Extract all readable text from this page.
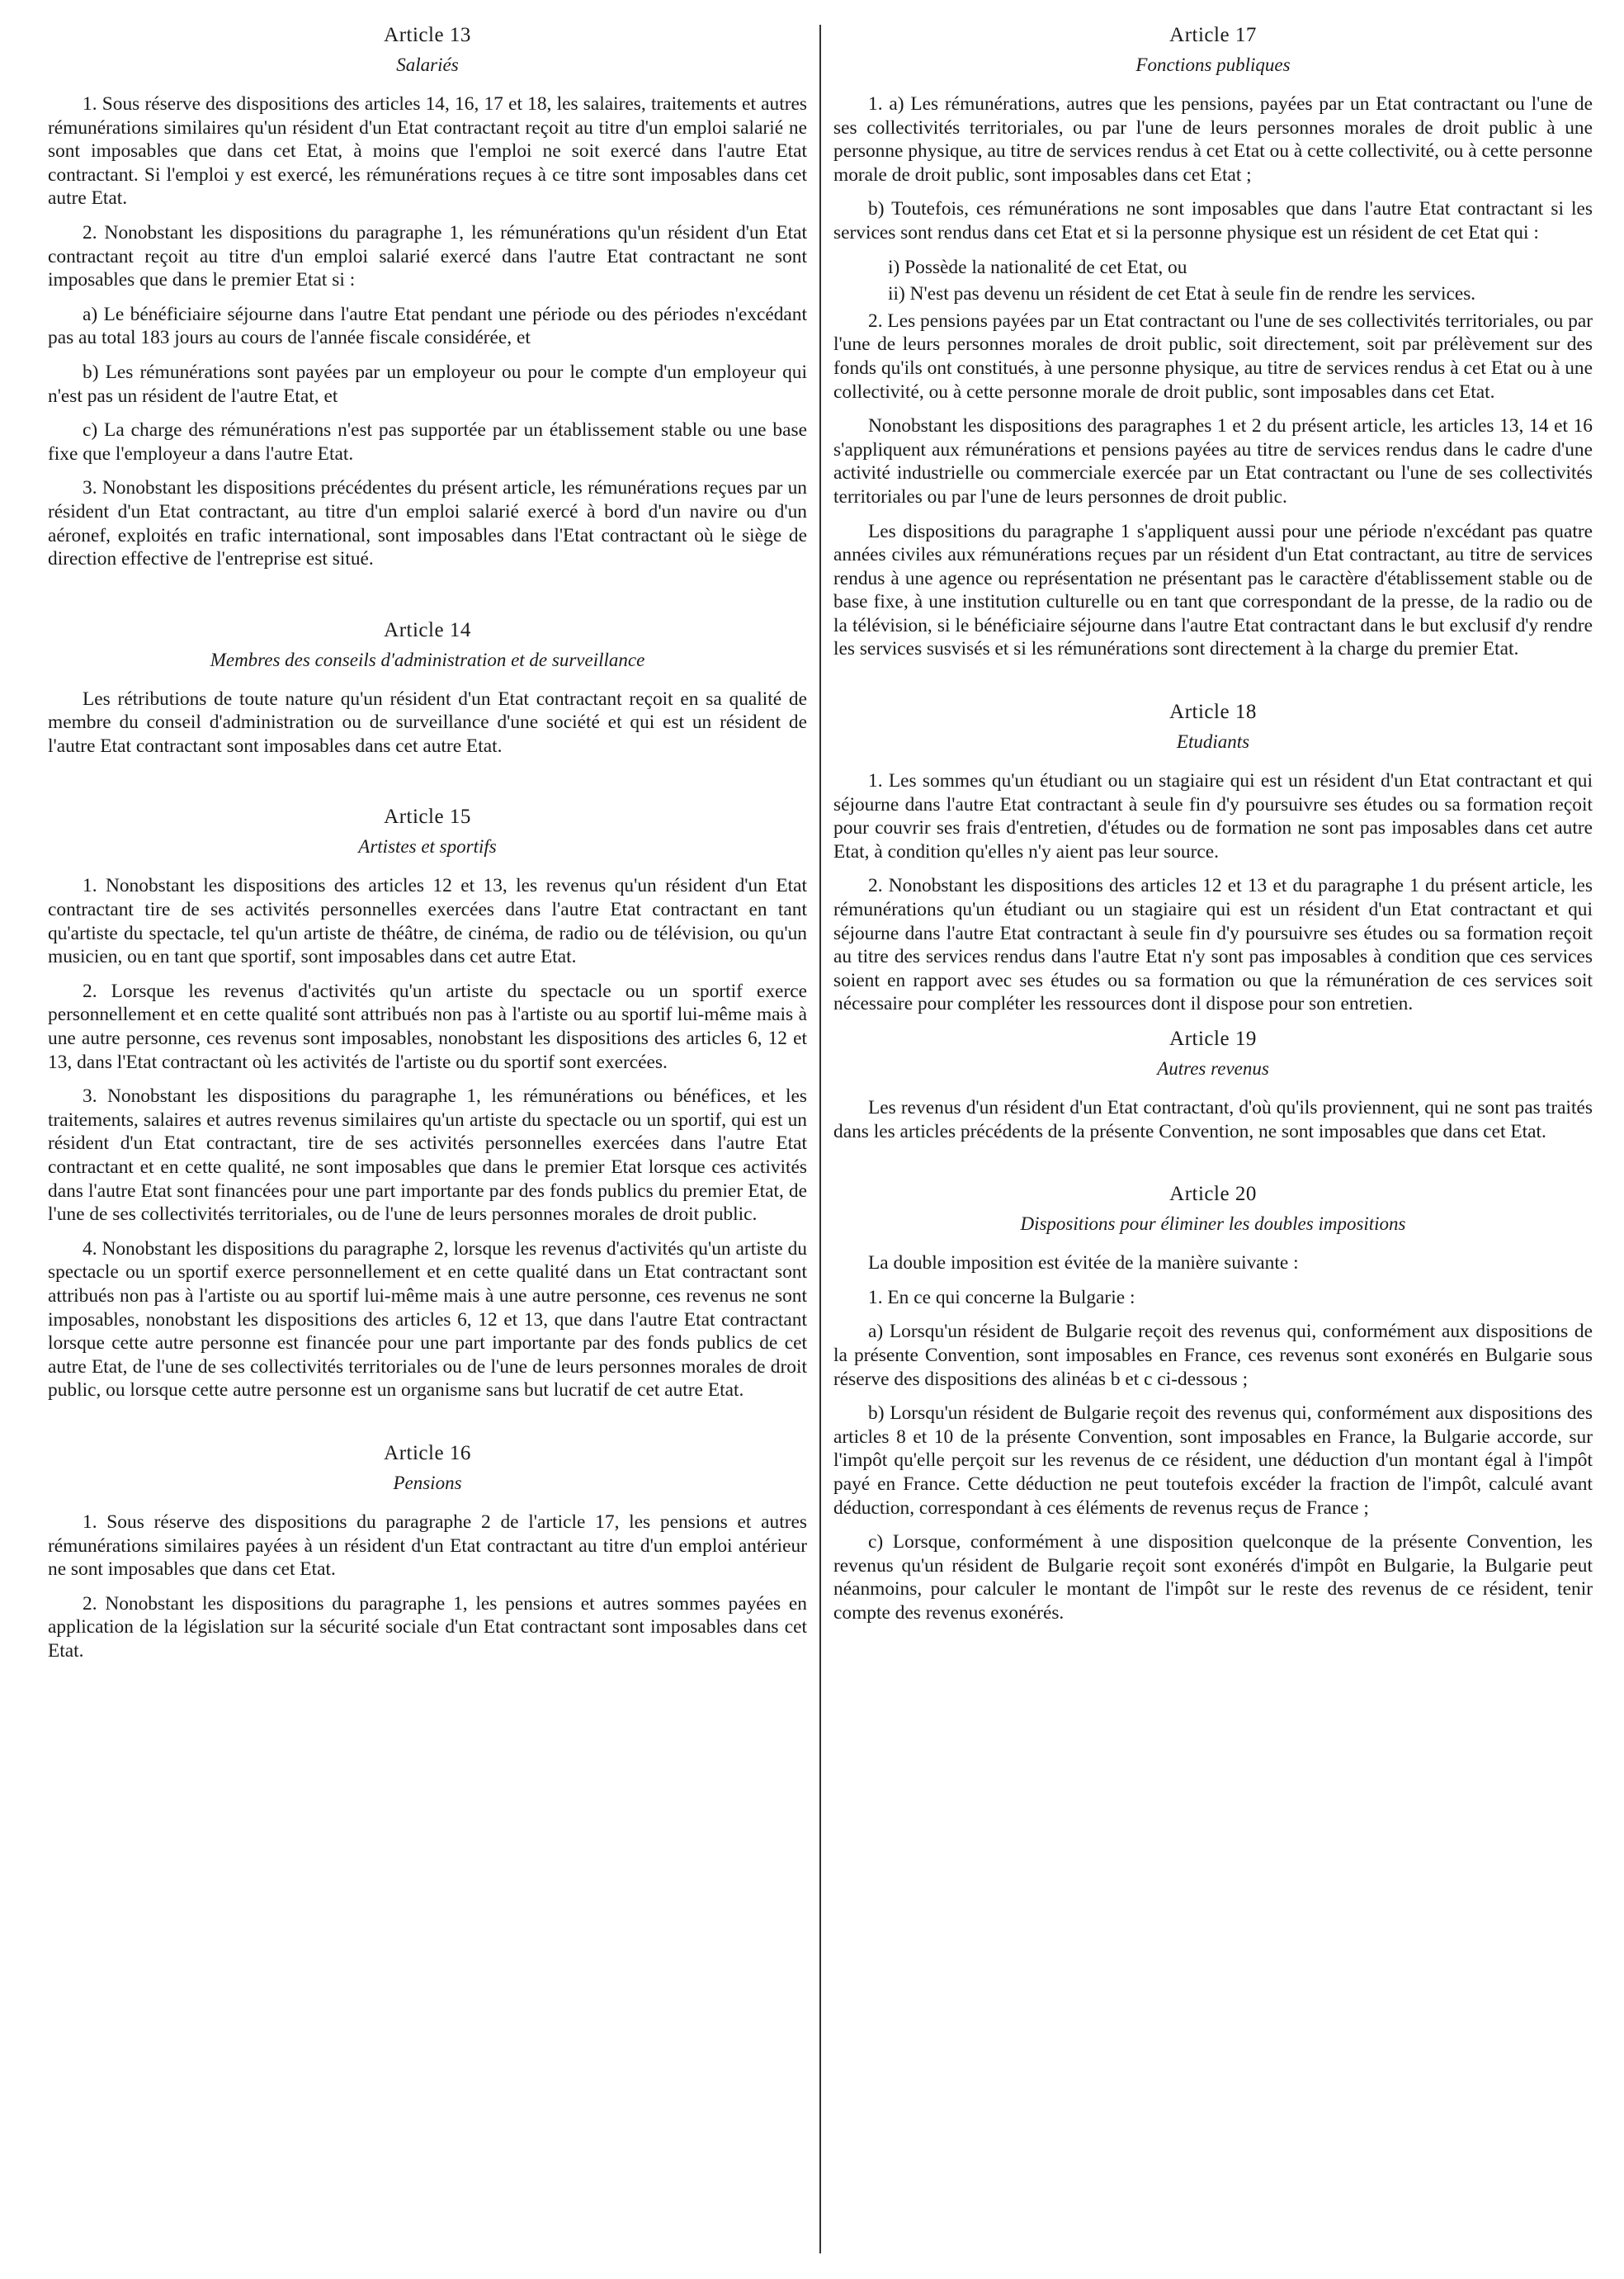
Article 13
Salariés

1. Sous réserve des dispositions des articles 14, 16, 17 et 18, les salaires, traitements et autres rémunérations similaires qu'un résident d'un Etat contractant reçoit au titre d'un emploi salarié ne sont imposables que dans cet Etat, à moins que l'emploi ne soit exercé dans l'autre Etat contractant. Si l'emploi y est exercé, les rémunérations reçues à ce titre sont imposables dans cet autre Etat.

2. Nonobstant les dispositions du paragraphe 1, les rémunérations qu'un résident d'un Etat contractant reçoit au titre d'un emploi salarié exercé dans l'autre Etat contractant ne sont imposables que dans le premier Etat si :

a) Le bénéficiaire séjourne dans l'autre Etat pendant une période ou des périodes n'excédant pas au total 183 jours au cours de l'année fiscale considérée, et

b) Les rémunérations sont payées par un employeur ou pour le compte d'un employeur qui n'est pas un résident de l'autre Etat, et

c) La charge des rémunérations n'est pas supportée par un établissement stable ou une base fixe que l'employeur a dans l'autre Etat.

3. Nonobstant les dispositions précédentes du présent article, les rémunérations reçues par un résident d'un Etat contractant, au titre d'un emploi salarié exercé à bord d'un navire ou d'un aéronef, exploités en trafic international, sont imposables dans l'Etat contractant où le siège de direction effective de l'entreprise est situé.

Article 14
Membres des conseils d'administration et de surveillance

Les rétributions de toute nature qu'un résident d'un Etat contractant reçoit en sa qualité de membre du conseil d'administration ou de surveillance d'une société et qui est un résident de l'autre Etat contractant sont imposables dans cet autre Etat.

Article 15
Artistes et sportifs

1. Nonobstant les dispositions des articles 12 et 13, les revenus qu'un résident d'un Etat contractant tire de ses activités personnelles exercées dans l'autre Etat contractant en tant qu'artiste du spectacle, tel qu'un artiste de théâtre, de cinéma, de radio ou de télévision, ou qu'un musicien, ou en tant que sportif, sont imposables dans cet autre Etat.

2. Lorsque les revenus d'activités qu'un artiste du spectacle ou un sportif exerce personnellement et en cette qualité sont attribués non pas à l'artiste ou au sportif lui-même mais à une autre personne, ces revenus sont imposables, nonobstant les dispositions des articles 6, 12 et 13, dans l'Etat contractant où les activités de l'artiste ou du sportif sont exercées.

3. Nonobstant les dispositions du paragraphe 1, les rémunérations ou bénéfices, et les traitements, salaires et autres revenus similaires qu'un artiste du spectacle ou un sportif, qui est un résident d'un Etat contractant, tire de ses activités personnelles exercées dans l'autre Etat contractant et en cette qualité, ne sont imposables que dans le premier Etat lorsque ces activités dans l'autre Etat sont financées pour une part importante par des fonds publics du premier Etat, de l'une de ses collectivités territoriales, ou de l'une de leurs personnes morales de droit public.

4. Nonobstant les dispositions du paragraphe 2, lorsque les revenus d'activités qu'un artiste du spectacle ou un sportif exerce personnellement et en cette qualité dans un Etat contractant sont attribués non pas à l'artiste ou au sportif lui-même mais à une autre personne, ces revenus ne sont imposables, nonobstant les dispositions des articles 6, 12 et 13, que dans l'autre Etat contractant lorsque cette autre personne est financée pour une part importante par des fonds publics de cet autre Etat, de l'une de ses collectivités territoriales ou de l'une de leurs personnes morales de droit public, ou lorsque cette autre personne est un organisme sans but lucratif de cet autre Etat.

Article 16
Pensions

1. Sous réserve des dispositions du paragraphe 2 de l'article 17, les pensions et autres rémunérations similaires payées à un résident d'un Etat contractant au titre d'un emploi antérieur ne sont imposables que dans cet Etat.

2. Nonobstant les dispositions du paragraphe 1, les pensions et autres sommes payées en application de la législation sur la sécurité sociale d'un Etat contractant sont imposables dans cet Etat.

Article 17
Fonctions publiques

1. a) Les rémunérations, autres que les pensions, payées par un Etat contractant ou l'une de ses collectivités territoriales, ou par l'une de leurs personnes morales de droit public à une personne physique, au titre de services rendus à cet Etat ou à cette collectivité, ou à cette personne morale de droit public, sont imposables dans cet Etat ;

b) Toutefois, ces rémunérations ne sont imposables que dans l'autre Etat contractant si les services sont rendus dans cet Etat et si la personne physique est un résident de cet Etat qui :

i) Possède la nationalité de cet Etat, ou

ii) N'est pas devenu un résident de cet Etat à seule fin de rendre les services.

2. Les pensions payées par un Etat contractant ou l'une de ses collectivités territoriales, ou par l'une de leurs personnes morales de droit public, soit directement, soit par prélèvement sur des fonds qu'ils ont constitués, à une personne physique, au titre de services rendus à cet Etat ou à une collectivité, ou à cette personne morale de droit public, sont imposables dans cet Etat.

Nonobstant les dispositions des paragraphes 1 et 2 du présent article, les articles 13, 14 et 16 s'appliquent aux rémunérations et pensions payées au titre de services rendus dans le cadre d'une activité industrielle ou commerciale exercée par un Etat contractant ou l'une de ses collectivités territoriales ou par l'une de leurs personnes de droit public.

Les dispositions du paragraphe 1 s'appliquent aussi pour une période n'excédant pas quatre années civiles aux rémunérations reçues par un résident d'un Etat contractant, au titre de services rendus à une agence ou représentation ne présentant pas le caractère d'établissement stable ou de base fixe, à une institution culturelle ou en tant que correspondant de la presse, de la radio ou de la télévision, si le bénéficiaire séjourne dans l'autre Etat contractant dans le but exclusif d'y rendre les services susvisés et si les rémunérations sont directement à la charge du premier Etat.

Article 18
Etudiants

1. Les sommes qu'un étudiant ou un stagiaire qui est un résident d'un Etat contractant et qui séjourne dans l'autre Etat contractant à seule fin d'y poursuivre ses études ou sa formation reçoit pour couvrir ses frais d'entretien, d'études ou de formation ne sont pas imposables dans cet autre Etat, à condition qu'elles n'y aient pas leur source.

2. Nonobstant les dispositions des articles 12 et 13 et du paragraphe 1 du présent article, les rémunérations qu'un étudiant ou un stagiaire qui est un résident d'un Etat contractant et qui séjourne dans l'autre Etat contractant à seule fin d'y poursuivre ses études ou sa formation reçoit au titre des services rendus dans l'autre Etat n'y sont pas imposables à condition que ces services soient en rapport avec ses études ou sa formation ou que la rémunération de ces services soit nécessaire pour compléter les ressources dont il dispose pour son entretien.

Article 19
Autres revenus

Les revenus d'un résident d'un Etat contractant, d'où qu'ils proviennent, qui ne sont pas traités dans les articles précédents de la présente Convention, ne sont imposables que dans cet Etat.

Article 20
Dispositions pour éliminer les doubles impositions

La double imposition est évitée de la manière suivante :

1. En ce qui concerne la Bulgarie :

a) Lorsqu'un résident de Bulgarie reçoit des revenus qui, conformément aux dispositions de la présente Convention, sont imposables en France, ces revenus sont exonérés en Bulgarie sous réserve des dispositions des alinéas b et c ci-dessous ;

b) Lorsqu'un résident de Bulgarie reçoit des revenus qui, conformément aux dispositions des articles 8 et 10 de la présente Convention, sont imposables en France, la Bulgarie accorde, sur l'impôt qu'elle perçoit sur les revenus de ce résident, une déduction d'un montant égal à l'impôt payé en France. Cette déduction ne peut toutefois excéder la fraction de l'impôt, calculé avant déduction, correspondant à ces éléments de revenus reçus de France ;

c) Lorsque, conformément à une disposition quelconque de la présente Convention, les revenus qu'un résident de Bulgarie reçoit sont exonérés d'impôt en Bulgarie, la Bulgarie peut néanmoins, pour calculer le montant de l'impôt sur le reste des revenus de ce résident, tenir compte des revenus exonérés.
